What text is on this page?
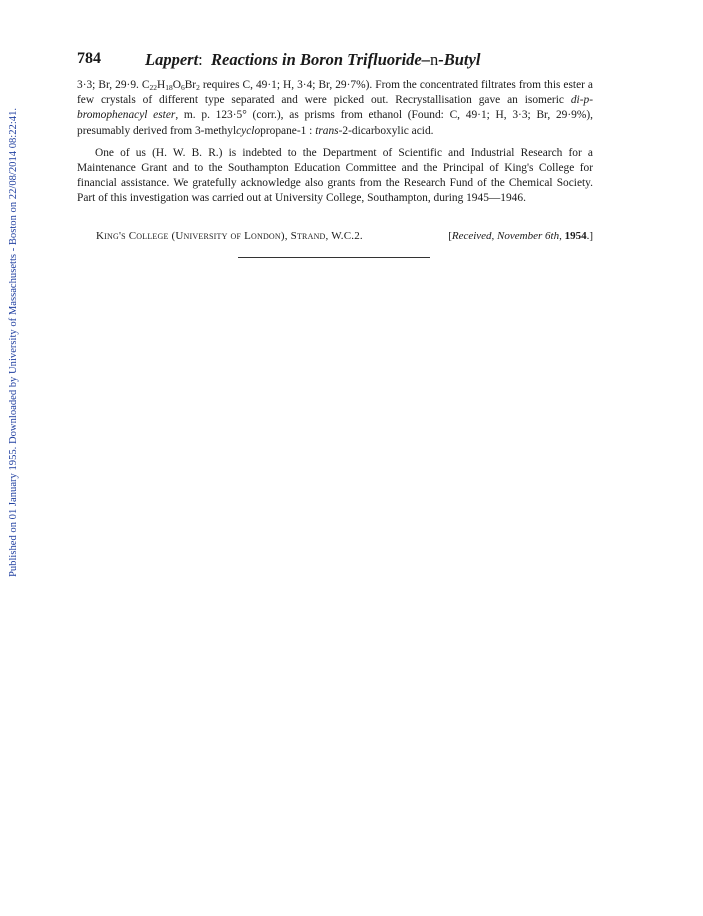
Published on 01 January 1955. Downloaded by University of Massachusetts - Boston on 22/08/2014 08:22:41.
784	Lappert: Reactions in Boron Trifluoride–n-Butyl

3·3; Br, 29·9. $C_{22}H_{18}O_6Br_2$ requires C, 49·1; H, 3·4; Br, 29·7%). From the concentrated filtrates from this ester a few crystals of different type separated and were picked out. Recrystallisation gave an isomeric di-p-bromophenacyl ester, m. p. 123·5° (corr.), as prisms from ethanol (Found: C, 49·1; H, 3·3; Br, 29·9%), presumably derived from 3-methylcyclopropane-1 : trans-2-dicarboxylic acid.

One of us (H. W. B. R.) is indebted to the Department of Scientific and Industrial Research for a Maintenance Grant and to the Southampton Education Committee and the Principal of King's College for financial assistance. We gratefully acknowledge also grants from the Research Fund of the Chemical Society. Part of this investigation was carried out at University College, Southampton, during 1945—1946.

King's College (University of London), Strand, W.C.2.	[Received, November 6th, 1954.]
